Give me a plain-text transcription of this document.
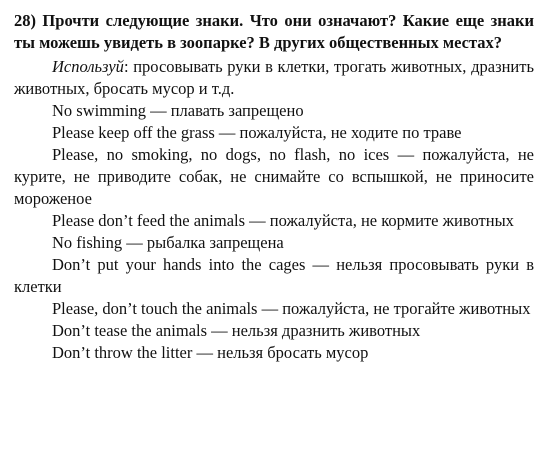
28) Прочти следующие знаки. Что они означают? Какие еще знаки ты можешь увидеть в зоопарке? В других общественных местах?

Используй: просовывать руки в клетки, трогать животных, дразнить животных, бросать мусор и т.д.

No swimming — плавать запрещено

Please keep off the grass — пожалуйста, не ходите по траве

Please, no smoking, no dogs, no flash, no ices — пожалуйста, не курите, не приводите собак, не снимайте со вспышкой, не приносите мороженое

Please don’t feed the animals — пожалуйста, не кормите животных

No fishing — рыбалка запрещена

Don’t put your hands into the cages — нельзя просовывать руки в клетки

Please, don’t touch the animals — пожалуйста, не трогайте животных

Don’t tease the animals — нельзя дразнить животных

Don’t throw the litter — нельзя бросать мусор
